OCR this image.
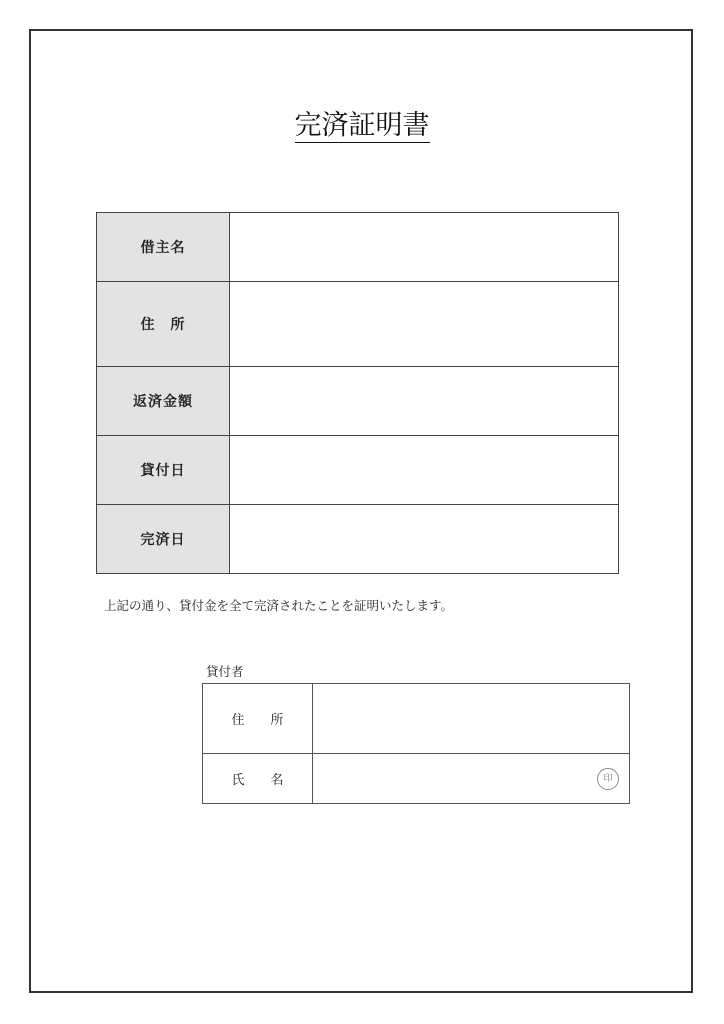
完済証明書
借主名	
住　所	
返済金額	
貸付日	
完済日	
上記の通り、貸付金を全て完済されたことを証明いたします。
貸付者
住　　所	
氏　　名	印
